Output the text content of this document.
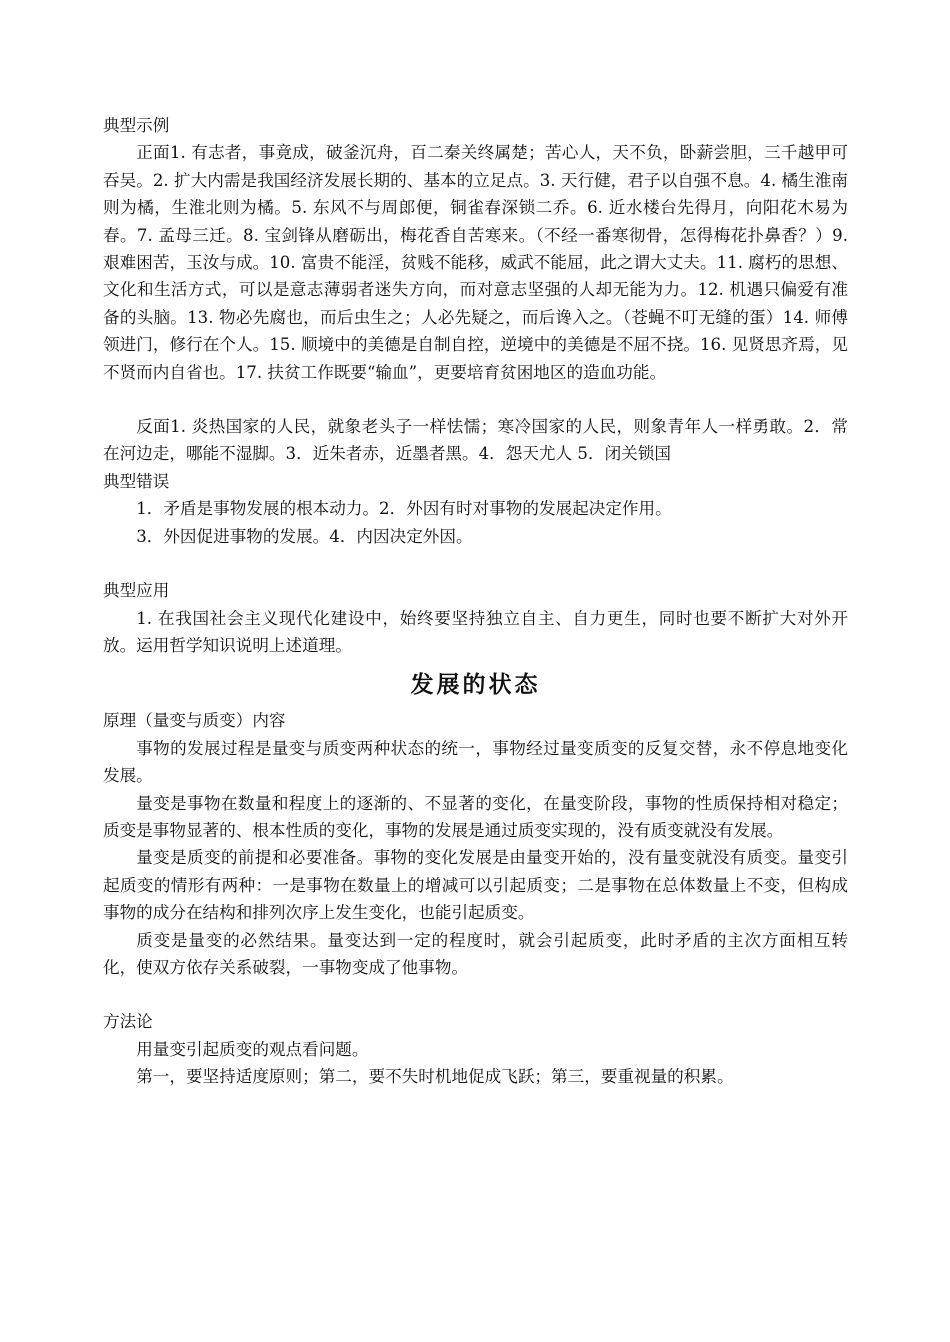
典型示例

正面1. 有志者，事竟成，破釜沉舟，百二秦关终属楚；苦心人，天不负，卧薪尝胆，三千越甲可吞吴。2. 扩大内需是我国经济发展长期的、基本的立足点。3. 天行健，君子以自强不息。4. 橘生淮南则为橘，生淮北则为橘。5. 东风不与周郎便，铜雀春深锁二乔。6. 近水楼台先得月，向阳花木易为春。7. 孟母三迁。8. 宝剑锋从磨砺出，梅花香自苦寒来。（不经一番寒彻骨，怎得梅花扑鼻香？）9. 艰难困苦，玉汝与成。10. 富贵不能淫，贫贱不能移，威武不能屈，此之谓大丈夫。11. 腐朽的思想、文化和生活方式，可以是意志薄弱者迷失方向，而对意志坚强的人却无能为力。12. 机遇只偏爱有准备的头脑。13. 物必先腐也，而后虫生之；人必先疑之，而后谗入之。（苍蝇不叮无缝的蛋）14. 师傅领进门，修行在个人。15. 顺境中的美德是自制自控，逆境中的美德是不屈不挠。16. 见贤思齐焉，见不贤而内自省也。17. 扶贫工作既要“输血”，更要培育贫困地区的造血功能。

反面1. 炎热国家的人民，就象老头子一样怯懦；寒冷国家的人民，则象青年人一样勇敢。2．常在河边走，哪能不湿脚。3．近朱者赤，近墨者黑。4．怨天尤人 5．闭关锁国

典型错误

1．矛盾是事物发展的根本动力。2．外因有时对事物的发展起决定作用。

3．外因促进事物的发展。4．内因决定外因。

典型应用

1. 在我国社会主义现代化建设中，始终要坚持独立自主、自力更生，同时也要不断扩大对外开放。运用哲学知识说明上述道理。

发展的状态

原理（量变与质变）内容

事物的发展过程是量变与质变两种状态的统一，事物经过量变质变的反复交替，永不停息地变化发展。

量变是事物在数量和程度上的逐渐的、不显著的变化，在量变阶段，事物的性质保持相对稳定；质变是事物显著的、根本性质的变化，事物的发展是通过质变实现的，没有质变就没有发展。

量变是质变的前提和必要准备。事物的变化发展是由量变开始的，没有量变就没有质变。量变引起质变的情形有两种：一是事物在数量上的增减可以引起质变；二是事物在总体数量上不变，但构成事物的成分在结构和排列次序上发生变化，也能引起质变。

质变是量变的必然结果。量变达到一定的程度时，就会引起质变，此时矛盾的主次方面相互转化，使双方依存关系破裂，一事物变成了他事物。

方法论

用量变引起质变的观点看问题。

第一，要坚持适度原则；第二，要不失时机地促成飞跃；第三，要重视量的积累。
